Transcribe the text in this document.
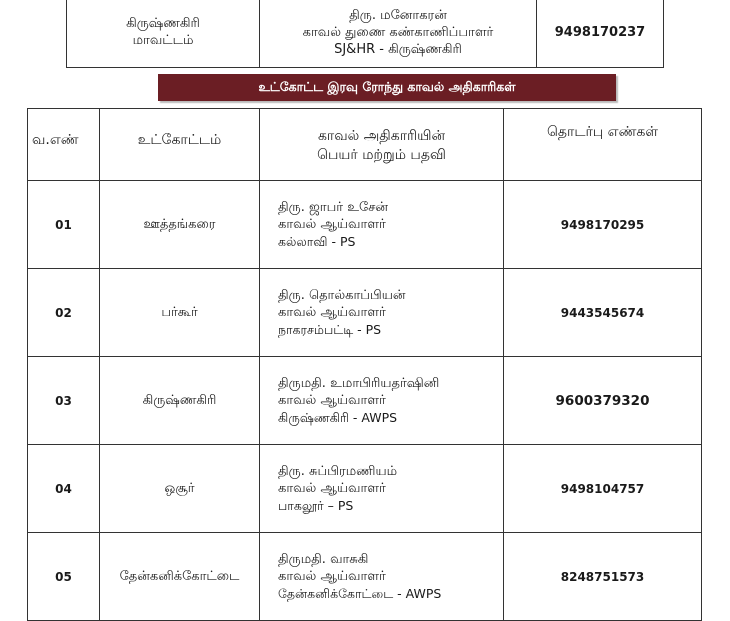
கிருஷ்ணகிரி
மாவட்டம்

திரு. மனோகரன்
காவல் துணை கண்காணிப்பாளர்
SJ&HR - கிருஷ்ணகிரி
	9498170237
உட்கோட்ட இரவு ரோந்து காவல் அதிகாரிகள்
வ.எண்	உட்கோட்டம்	காவல் அதிகாரியின்
பெயர் மற்றும் பதவி	தொடர்பு எண்கள்
01	ஊத்தங்கரை	திரு. ஜாபர் உசேன்
காவல் ஆய்வாளர்
கல்லாவி - PS	9498170295
02	பர்கூர்	திரு. தொல்காப்பியன்
காவல் ஆய்வாளர்
நாகரசம்பட்டி - PS	9443545674
03	கிருஷ்ணகிரி	திருமதி. உமாபிரியதர்ஷினி
காவல் ஆய்வாளர்
கிருஷ்ணகிரி - AWPS	9600379320
04	ஒசூர்	திரு. சுப்பிரமணியம்
காவல் ஆய்வாளர்
பாகலூர் – PS	9498104757
05	தேன்கனிக்கோட்டை	திருமதி. வாசுகி
காவல் ஆய்வாளர்
தேன்கனிக்கோட்டை - AWPS	8248751573
